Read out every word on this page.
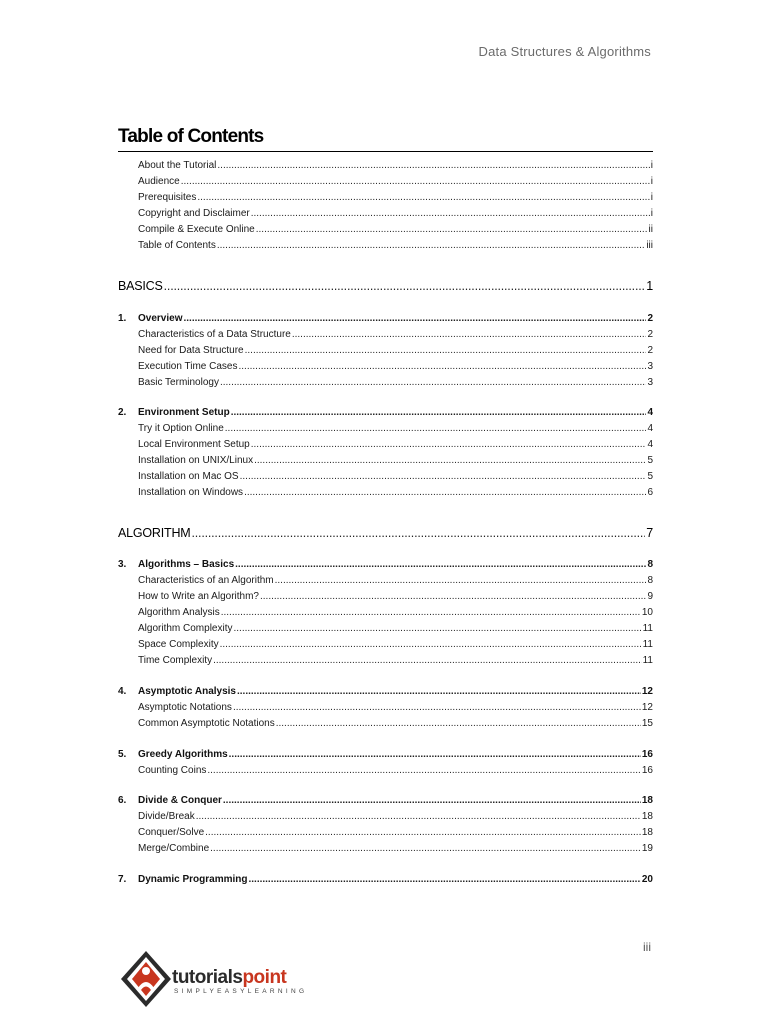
Data Structures & Algorithms
Table of Contents
About the Tutorial .....	i
Audience .....	i
Prerequisites .....	i
Copyright and Disclaimer .....	i
Compile & Execute Online .....	ii
Table of Contents .....	iii
BASICS .....	1
1.	Overview .....	2
Characteristics of a Data Structure .....	2
Need for Data Structure .....	2
Execution Time Cases .....	3
Basic Terminology .....	3
2.	Environment Setup .....	4
Try it Option Online .....	4
Local Environment Setup .....	4
Installation on UNIX/Linux .....	5
Installation on Mac OS .....	5
Installation on Windows .....	6
ALGORITHM .....	7
3.	Algorithms – Basics .....	8
Characteristics of an Algorithm .....	8
How to Write an Algorithm? .....	9
Algorithm Analysis .....	10
Algorithm Complexity .....	11
Space Complexity .....	11
Time Complexity .....	11
4.	Asymptotic Analysis .....	12
Asymptotic Notations .....	12
Common Asymptotic Notations .....	15
5.	Greedy Algorithms .....	16
Counting Coins .....	16
6.	Divide & Conquer .....	18
Divide/Break .....	18
Conquer/Solve .....	18
Merge/Combine .....	19
7.	Dynamic Programming .....	20
iii
tutorialspoint
SIMPLYEASYLEARNING
